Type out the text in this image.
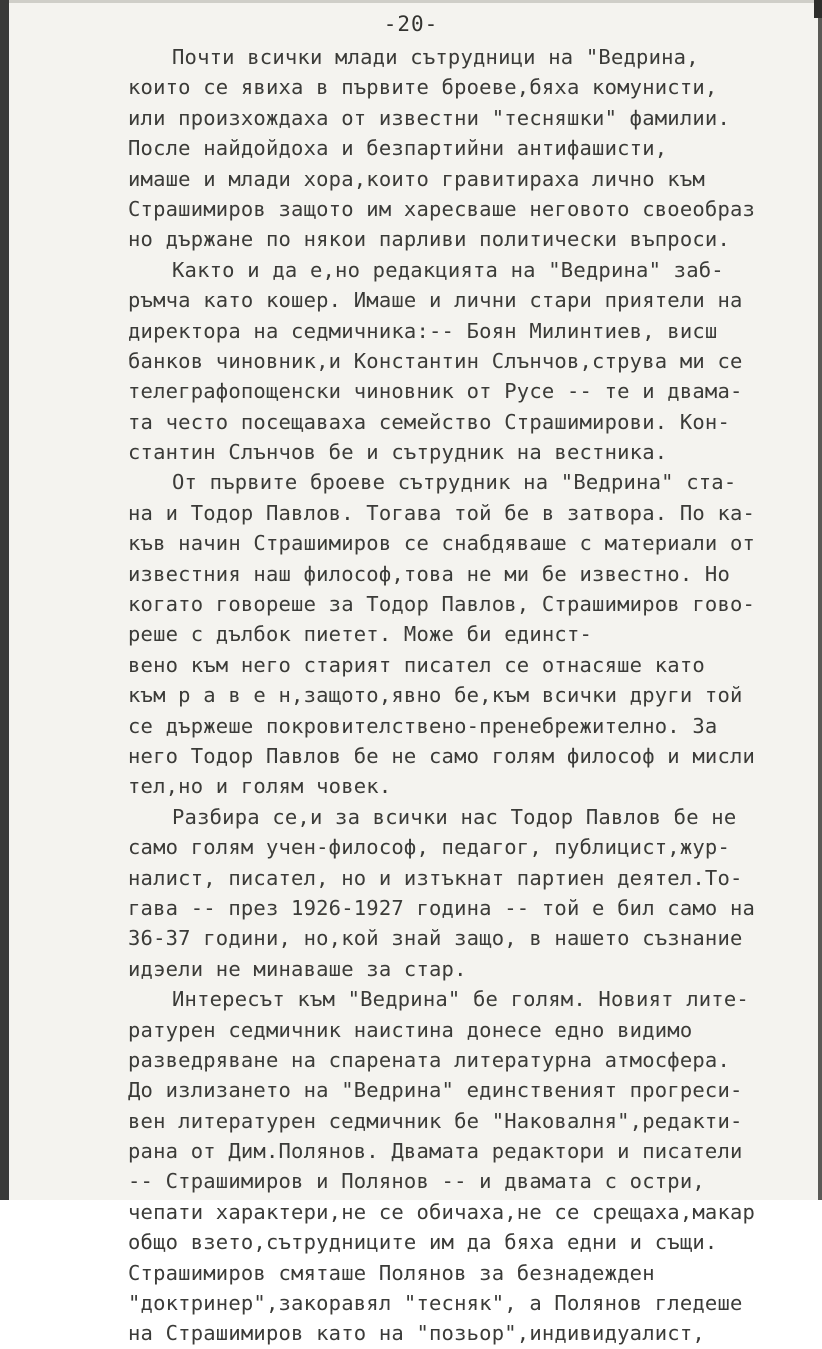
-20-
Почти всички млади сътрудници на "Ведрина,
които се явиха в първите броеве,бяха комунисти,
или произхождаха от известни "тесняшки" фамилии.
После найдойдоха и безпартийни антифашисти,
имаше и млади хора,които гравитираха лично към
Страшимиров защото им харесваше неговото своеобраз
но държане по някои парливи политически въпроси.
Както и да е,но редакцията на "Ведрина" заб-
ръмча като кошер. Имаше и лични стари приятели на
директора на седмичника:-- Боян Милинтиев, висш
банков чиновник,и Константин Слънчов,струва ми се
телеграфопощенски чиновник от Русе -- те и двама-
та често посещаваха семейство Страшимирови. Кон-
стантин Слънчов бе и сътрудник на вестника.
От първите броеве сътрудник на "Ведрина" ста-
на и Тодор Павлов. Тогава той бе в затвора. По ка-
къв начин Страшимиров се снабдяваше с материали от
известния наш философ,това не ми бе известно. Но
когато говореше за Тодор Павлов, Страшимиров гово-
реше с дълбок пиетет. Може би единст-
вено към него старият писател се отнасяше като
към р а в е н,защото,явно бе,към всички други той
се държеше покровителствено-пренебрежително. За
него Тодор Павлов бе не само голям философ и мисли
тел,но и голям човек.
Разбира се,и за всички нас Тодор Павлов бе не
само голям учен-философ, педагог, публицист,жур-
налист, писател, но и изтъкнат партиен деятел.То-
гава -- през 1926-1927 година -- той е бил само на
36-37 години, но,кой знай защо, в нашето съзнание
идэели не минаваше за стар.
Интересът към "Ведрина" бе голям. Новият лите-
ратурен седмичник наистина донесе едно видимо
разведряване на спарената литературна атмосфера.
До излизането на "Ведрина" единственият прогреси-
вен литературен седмичник бе "Наковалня",редакти-
рана от Дим.Полянов. Двамата редактори и писатели
-- Страшимиров и Полянов -- и двамата с остри,
чепати характери,не се обичаха,не се срещаха,макар
общо взето,сътрудниците им да бяха едни и същи.
Страшимиров смяташе Полянов за безнадежден
"доктринер",закоравял "тесняк", а Полянов гледеше
на Страшимиров като на "позьор",индивидуалист,
